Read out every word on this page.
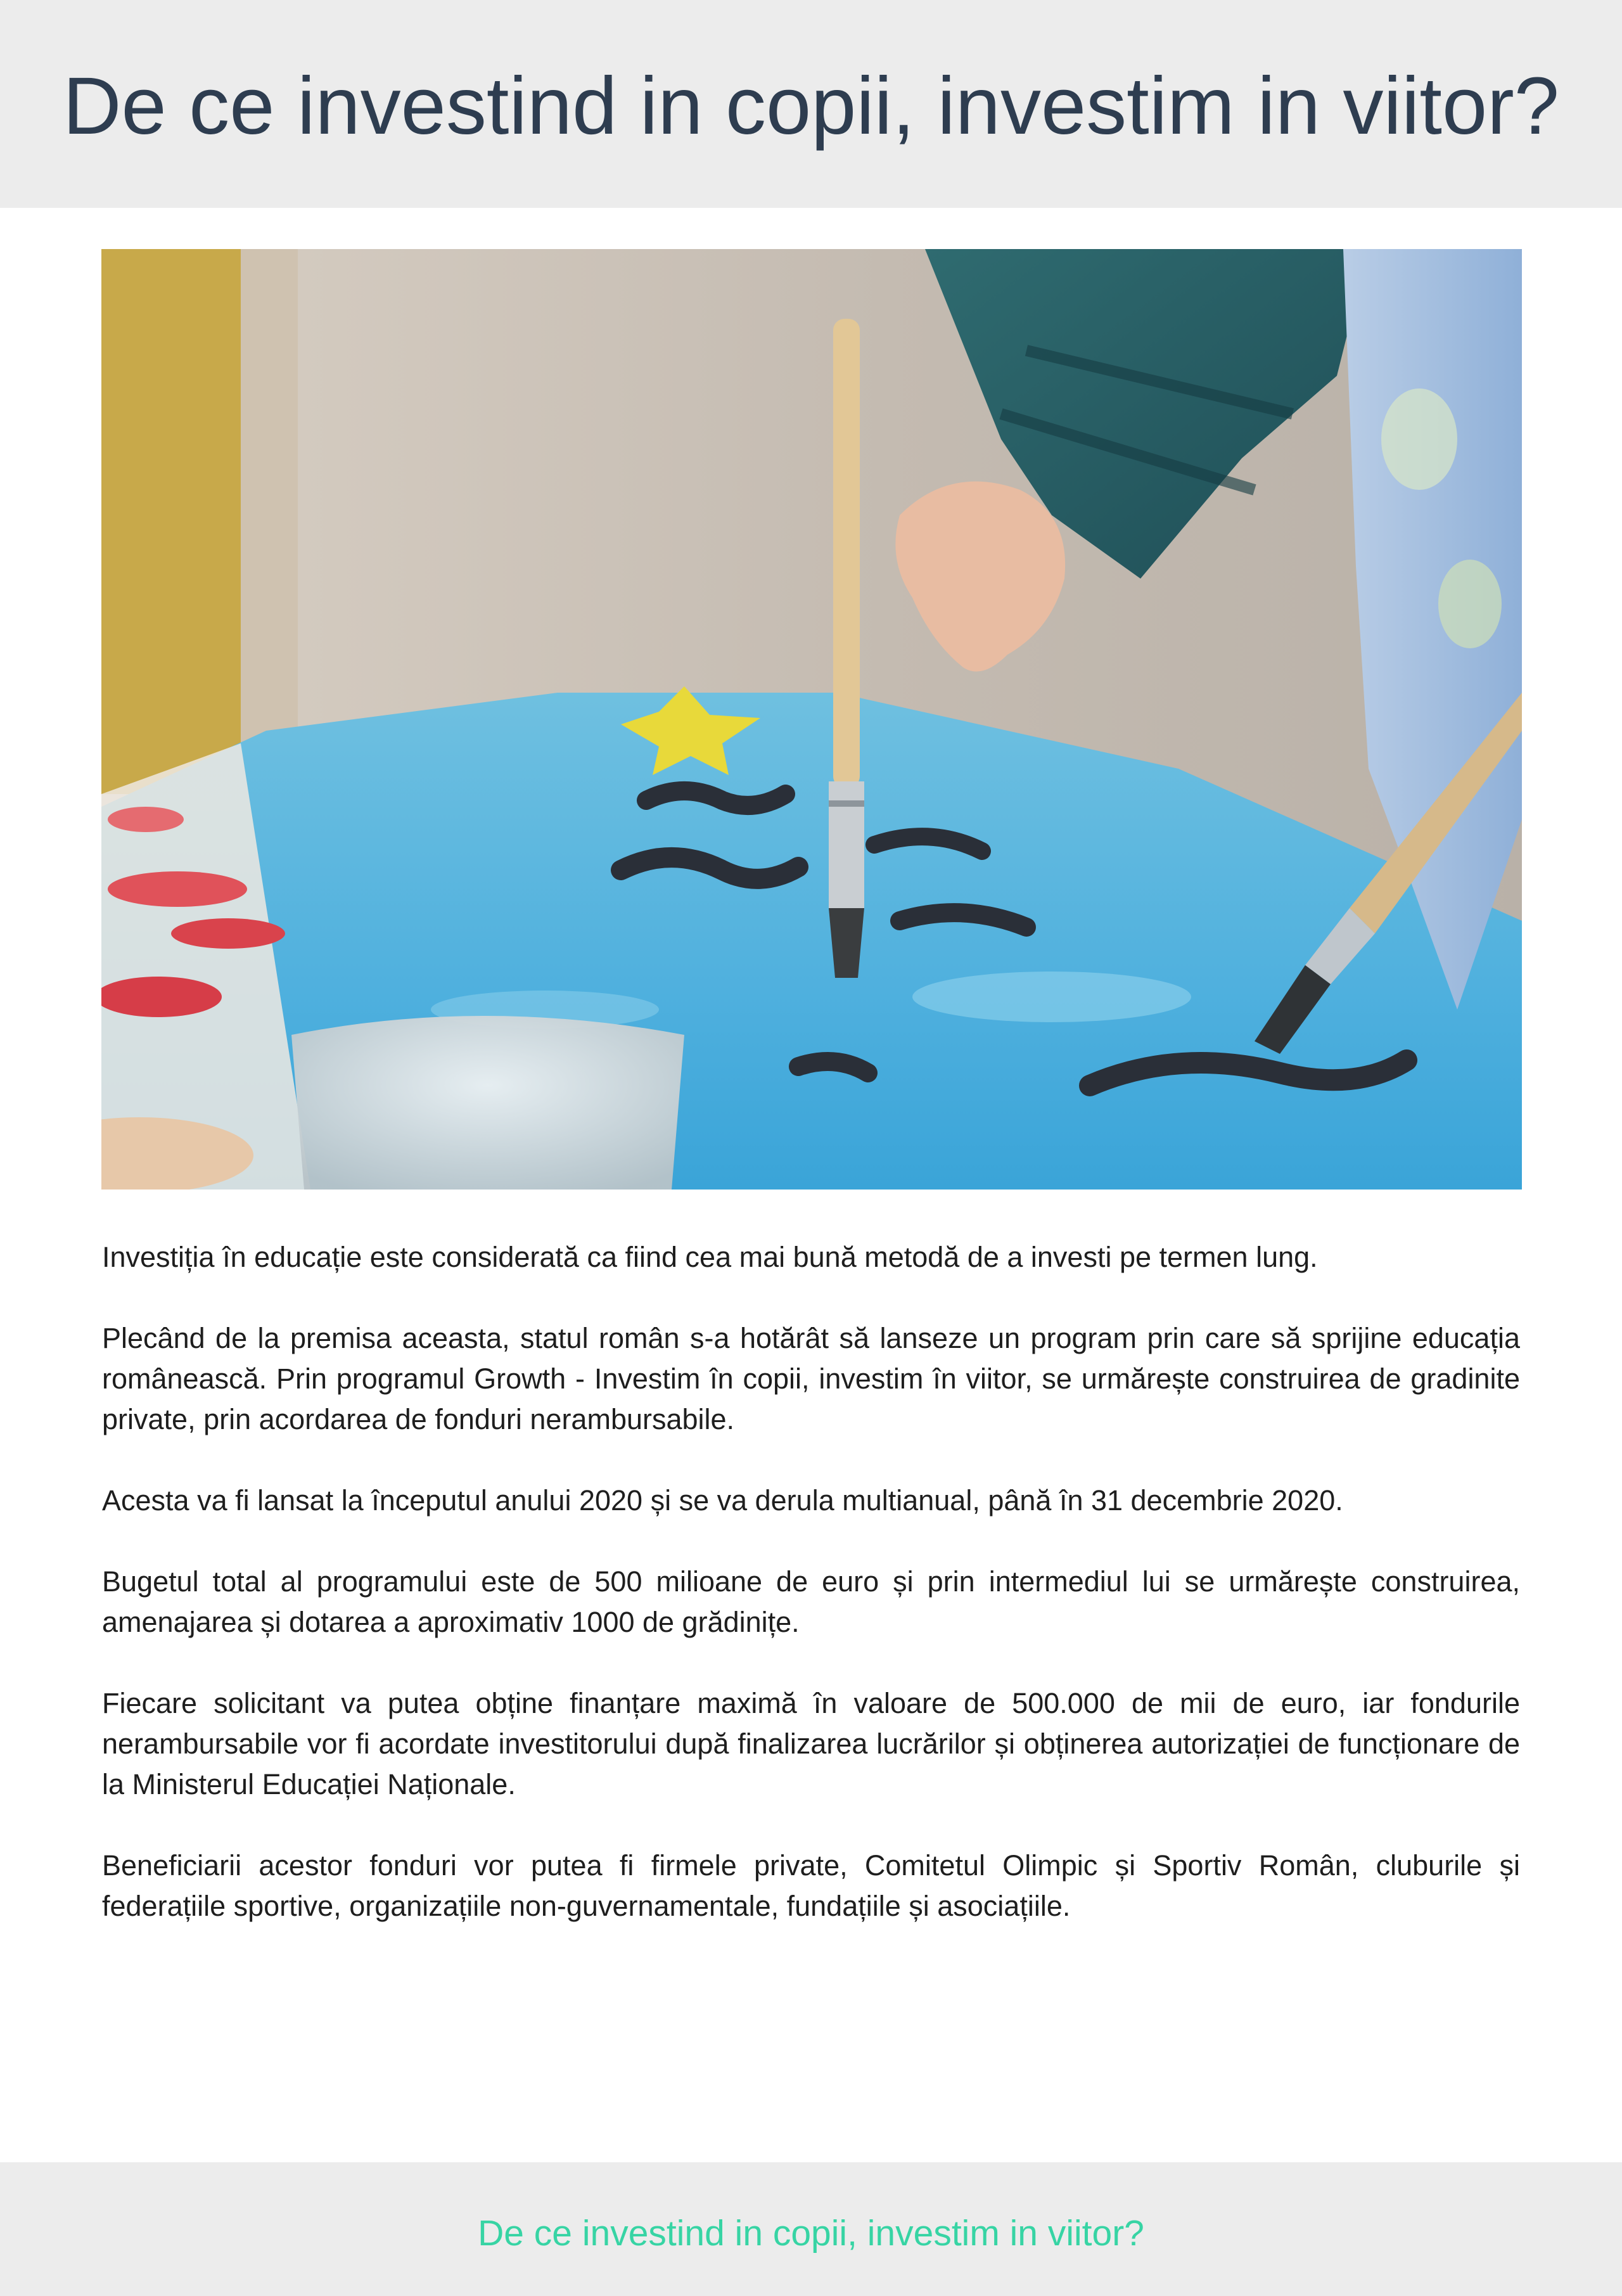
De ce investind in copii, investim in viitor?

Investiția în educație este considerată ca fiind cea mai bună metodă de a investi pe termen lung.

Plecând de la premisa aceasta, statul român s-a hotărât să lanseze un program prin care să sprijine educația românească. Prin programul Growth - Investim în copii, investim în viitor, se urmărește construirea de gradinite private, prin acordarea de fonduri nerambursabile.

Acesta va fi lansat la începutul anului 2020 și se va derula multianual, până în 31 decembrie 2020.

Bugetul total al programului este de 500 milioane de euro și prin intermediul lui se urmărește construirea, amenajarea și dotarea a aproximativ 1000 de grădinițe.

Fiecare solicitant va putea obține finanțare maximă în valoare de 500.000 de mii de euro, iar fondurile nerambursabile vor fi acordate investitorului după finalizarea lucrărilor și obținerea autorizației de funcționare de la Ministerul Educației Naționale.

Beneficiarii acestor fonduri vor putea fi firmele private, Comitetul Olimpic și Sportiv Român, cluburile și federațiile sportive, organizațiile non-guvernamentale, fundațiile și asociațiile.

De ce investind in copii, investim in viitor?
